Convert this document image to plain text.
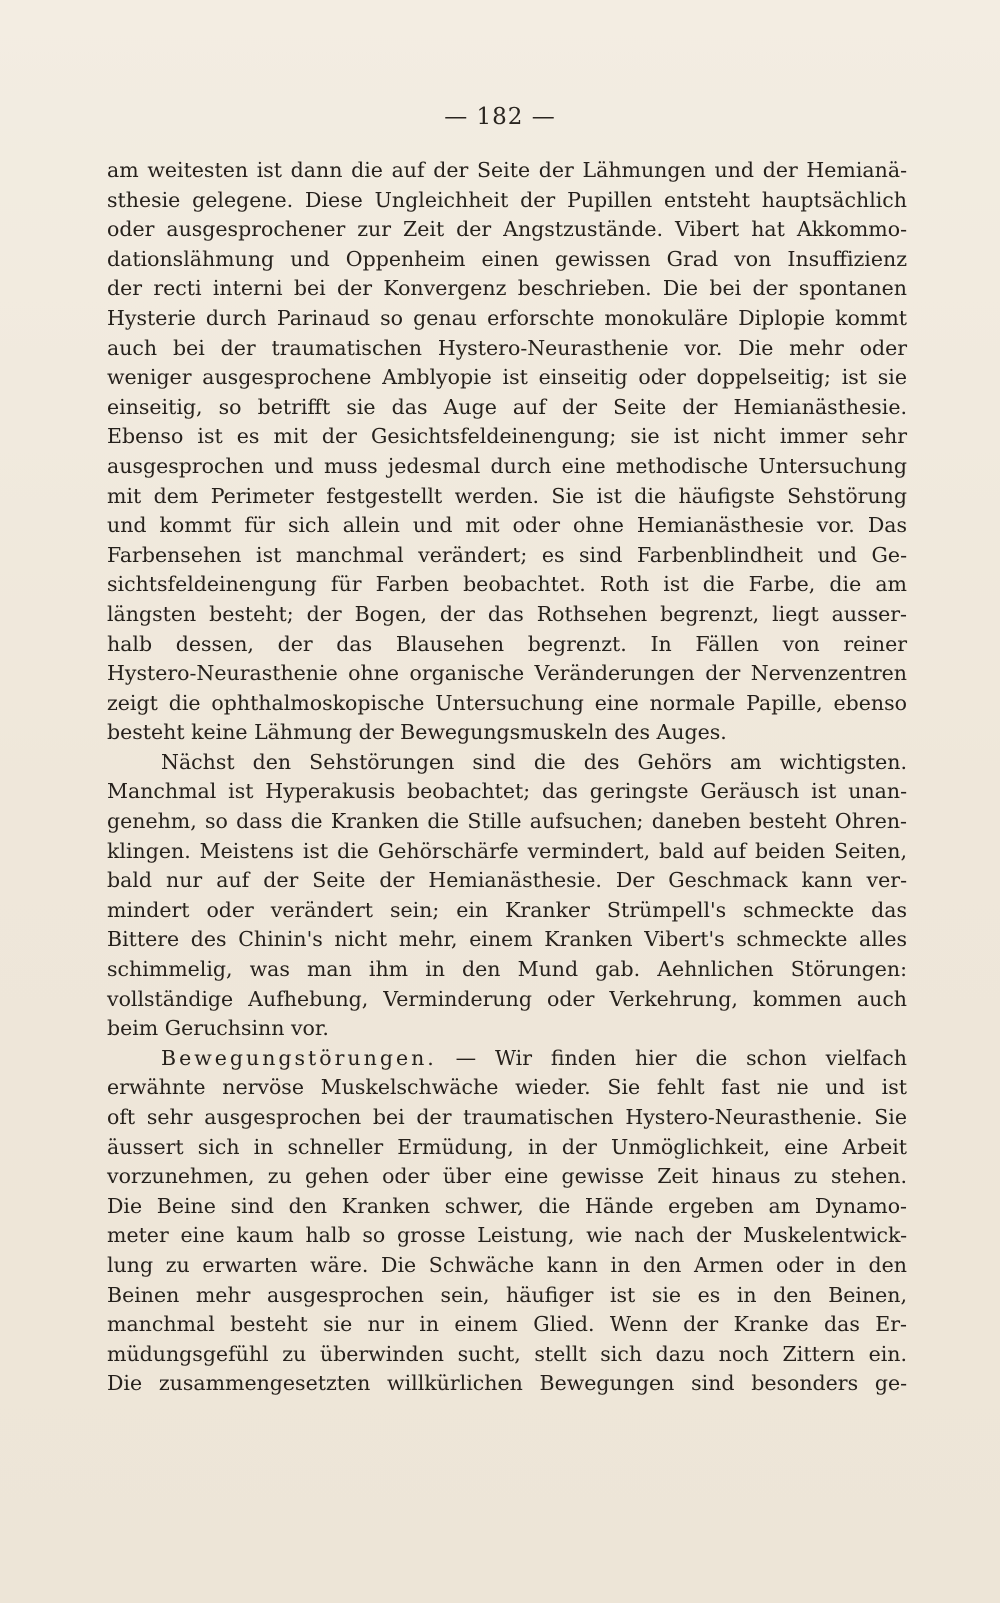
— 182 —
am weitesten ist dann die auf der Seite der Lähmungen und der Hemianä-
sthesie gelegene. Diese Ungleichheit der Pupillen entsteht hauptsächlich
oder ausgesprochener zur Zeit der Angstzustände. Vibert hat Akkommo-
dationslähmung und Oppenheim einen gewissen Grad von Insuffizienz
der recti interni bei der Konvergenz beschrieben. Die bei der spontanen
Hysterie durch Parinaud so genau erforschte monokuläre Diplopie kommt
auch bei der traumatischen Hystero-Neurasthenie vor. Die mehr oder
weniger ausgesprochene Amblyopie ist einseitig oder doppelseitig; ist sie
einseitig, so betrifft sie das Auge auf der Seite der Hemianästhesie.
Ebenso ist es mit der Gesichtsfeldeinengung; sie ist nicht immer sehr
ausgesprochen und muss jedesmal durch eine methodische Untersuchung
mit dem Perimeter festgestellt werden. Sie ist die häufigste Sehstörung
und kommt für sich allein und mit oder ohne Hemianästhesie vor. Das
Farbensehen ist manchmal verändert; es sind Farbenblindheit und Ge-
sichtsfeldeinengung für Farben beobachtet. Roth ist die Farbe, die am
längsten besteht; der Bogen, der das Rothsehen begrenzt, liegt ausser-
halb dessen, der das Blausehen begrenzt. In Fällen von reiner
Hystero-Neurasthenie ohne organische Veränderungen der Nervenzentren
zeigt die ophthalmoskopische Untersuchung eine normale Papille, ebenso
besteht keine Lähmung der Bewegungsmuskeln des Auges.
Nächst den Sehstörungen sind die des Gehörs am wichtigsten.
Manchmal ist Hyperakusis beobachtet; das geringste Geräusch ist unan-
genehm, so dass die Kranken die Stille aufsuchen; daneben besteht Ohren-
klingen. Meistens ist die Gehörschärfe vermindert, bald auf beiden Seiten,
bald nur auf der Seite der Hemianästhesie. Der Geschmack kann ver-
mindert oder verändert sein; ein Kranker Strümpell's schmeckte das
Bittere des Chinin's nicht mehr, einem Kranken Vibert's schmeckte alles
schimmelig, was man ihm in den Mund gab. Aehnlichen Störungen:
vollständige Aufhebung, Verminderung oder Verkehrung, kommen auch
beim Geruchsinn vor.
Bewegungstörungen. — Wir finden hier die schon vielfach
erwähnte nervöse Muskelschwäche wieder. Sie fehlt fast nie und ist
oft sehr ausgesprochen bei der traumatischen Hystero-Neurasthenie. Sie
äussert sich in schneller Ermüdung, in der Unmöglichkeit, eine Arbeit
vorzunehmen, zu gehen oder über eine gewisse Zeit hinaus zu stehen.
Die Beine sind den Kranken schwer, die Hände ergeben am Dynamo-
meter eine kaum halb so grosse Leistung, wie nach der Muskelentwick-
lung zu erwarten wäre. Die Schwäche kann in den Armen oder in den
Beinen mehr ausgesprochen sein, häufiger ist sie es in den Beinen,
manchmal besteht sie nur in einem Glied. Wenn der Kranke das Er-
müdungsgefühl zu überwinden sucht, stellt sich dazu noch Zittern ein.
Die zusammengesetzten willkürlichen Bewegungen sind besonders ge-
